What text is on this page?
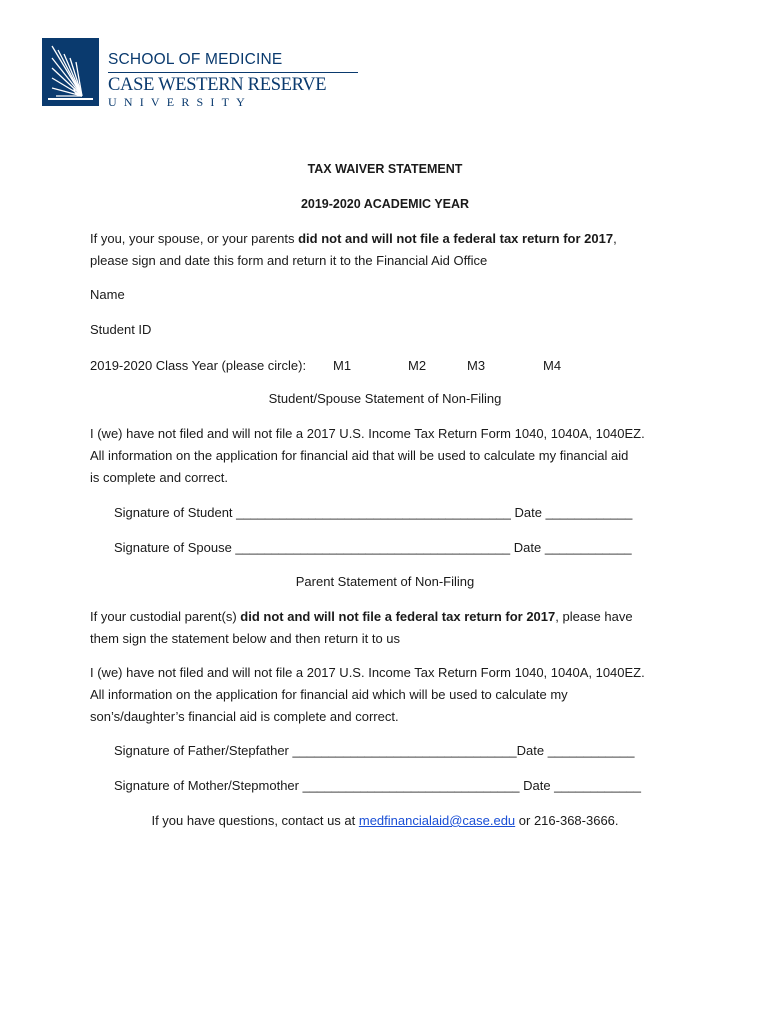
SCHOOL OF MEDICINE
CASE WESTERN RESERVE
UNIVERSITY
TAX WAIVER STATEMENT
2019-2020 ACADEMIC YEAR
If you, your spouse, or your parents did not and will not file a federal tax return for 2017,
please sign and date this form and return it to the Financial Aid Office
Name
Student ID
2019-2020 Class Year (please circle): M1	M2	M3	M4
Student/Spouse Statement of Non-Filing
I (we) have not filed and will not file a 2017 U.S. Income Tax Return Form 1040, 1040A, 1040EZ.
All information on the application for financial aid that will be used to calculate my financial aid
is complete and correct.
Signature of Student ______________________________________ Date ____________
Signature of Spouse ______________________________________ Date ____________
Parent Statement of Non-Filing
If your custodial parent(s) did not and will not file a federal tax return for 2017, please have
them sign the statement below and then return it to us
I (we) have not filed and will not file a 2017 U.S. Income Tax Return Form 1040, 1040A, 1040EZ.
All information on the application for financial aid which will be used to calculate my
son’s/daughter’s financial aid is complete and correct.
Signature of Father/Stepfather _______________________________Date ____________
Signature of Mother/Stepmother ______________________________ Date ____________
If you have questions, contact us at medfinancialaid@case.edu or 216-368-3666.
